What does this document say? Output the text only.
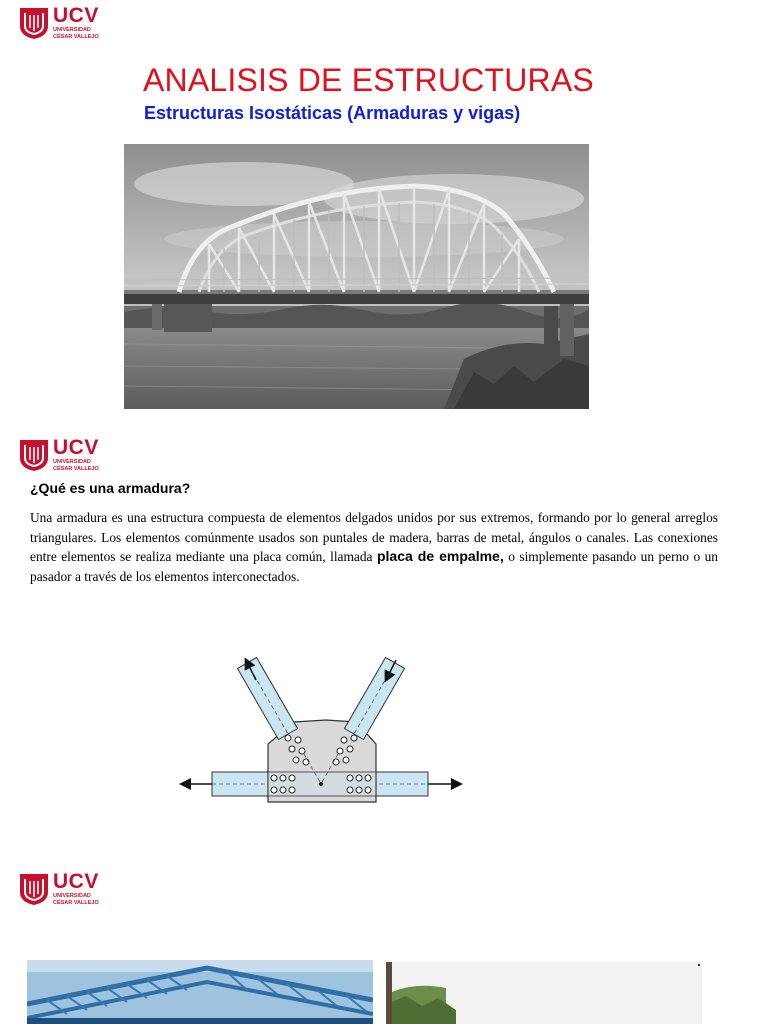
UCV
UNIVERSIDAD
CÉSAR VALLEJO
ANALISIS DE ESTRUCTURAS
Estructuras Isostáticas (Armaduras y vigas)
UCV
UNIVERSIDAD
CÉSAR VALLEJO
¿Qué es una armadura?

Una armadura es una estructura compuesta de elementos delgados unidos por sus extremos, formando por lo general arreglos triangulares. Los elementos comúnmente usados son puntales de madera, barras de metal, ángulos o canales. Las conexiones entre elementos se realiza mediante una placa común, llamada placa de empalme, o simplemente pasando un perno o un pasador a través de los elementos interconectados.

UCV
UNIVERSIDAD
CÉSAR VALLEJO
